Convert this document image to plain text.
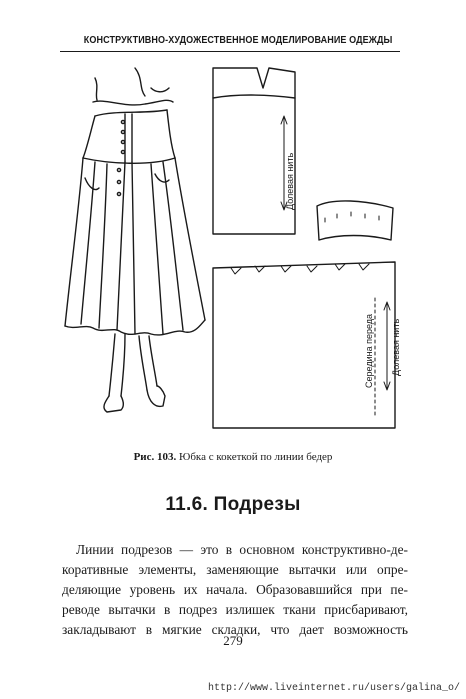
КОНСТРУКТИВНО-ХУДОЖЕСТВЕННОЕ МОДЕЛИРОВАНИЕ ОДЕЖДЫ
Долевая нить
Середина переда Долевая нить
Рис. 103. Юбка с кокеткой по линии бедер
11.6. Подрезы
Линии подрезов — это в основном конструктивно-де-
коративные элементы, заменяющие вытачки или опре-
деляющие уровень их начала. Образовавшийся при пе-
реводе вытачки в подрез излишек ткани присбаривают,
закладывают в мягкие складки, что дает возможность
279
http://www.liveinternet.ru/users/galina_o/
